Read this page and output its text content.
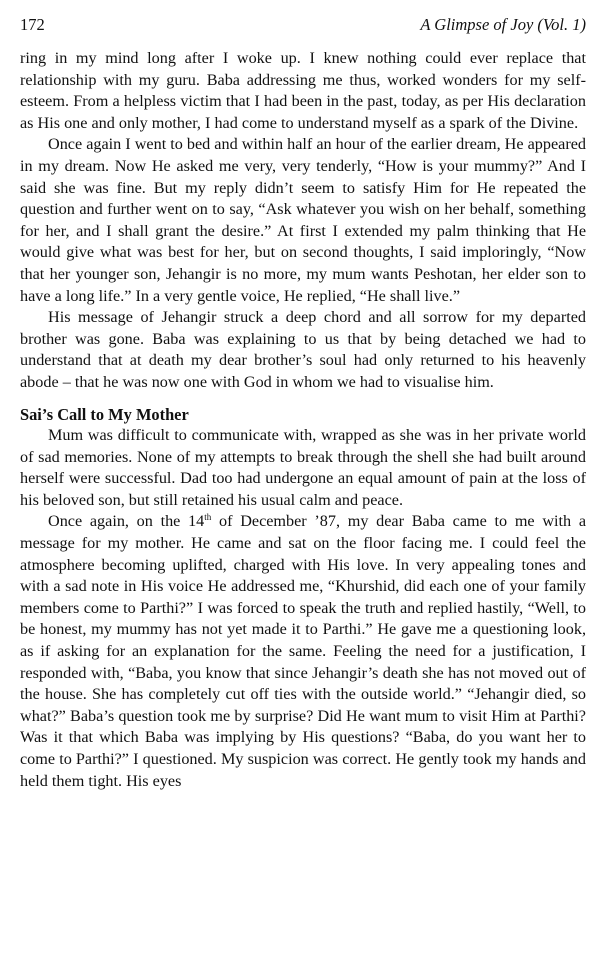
172	A Glimpse of Joy (Vol. 1)

ring in my mind long after I woke up. I knew nothing could ever replace that relationship with my guru. Baba addressing me thus, worked wonders for my self-esteem. From a helpless victim that I had been in the past, today, as per His declaration as His one and only mother, I had come to understand myself as a spark of the Divine.

Once again I went to bed and within half an hour of the earlier dream, He appeared in my dream. Now He asked me very, very tenderly, “How is your mummy?” And I said she was fine. But my reply didn’t seem to satisfy Him for He repeated the question and further went on to say, “Ask whatever you wish on her behalf, something for her, and I shall grant the desire.” At first I extended my palm thinking that He would give what was best for her, but on second thoughts, I said imploringly, “Now that her younger son, Jehangir is no more, my mum wants Peshotan, her elder son to have a long life.” In a very gentle voice, He replied, “He shall live.”

His message of Jehangir struck a deep chord and all sorrow for my departed brother was gone. Baba was explaining to us that by being detached we had to understand that at death my dear brother’s soul had only returned to his heavenly abode – that he was now one with God in whom we had to visualise him.

Sai’s Call to My Mother

Mum was difficult to communicate with, wrapped as she was in her private world of sad memories. None of my attempts to break through the shell she had built around herself were successful. Dad too had undergone an equal amount of pain at the loss of his beloved son, but still retained his usual calm and peace.

Once again, on the 14th of December ’87, my dear Baba came to me with a message for my mother. He came and sat on the floor facing me. I could feel the atmosphere becoming uplifted, charged with His love. In very appealing tones and with a sad note in His voice He addressed me, “Khurshid, did each one of your family members come to Parthi?” I was forced to speak the truth and replied hastily, “Well, to be honest, my mummy has not yet made it to Parthi.” He gave me a questioning look, as if asking for an explanation for the same. Feeling the need for a justification, I responded with, “Baba, you know that since Jehangir’s death she has not moved out of the house. She has completely cut off ties with the outside world.” “Jehangir died, so what?” Baba’s question took me by surprise? Did He want mum to visit Him at Parthi? Was it that which Baba was implying by His questions? “Baba, do you want her to come to Parthi?” I questioned. My suspicion was correct. He gently took my hands and held them tight. His eyes
